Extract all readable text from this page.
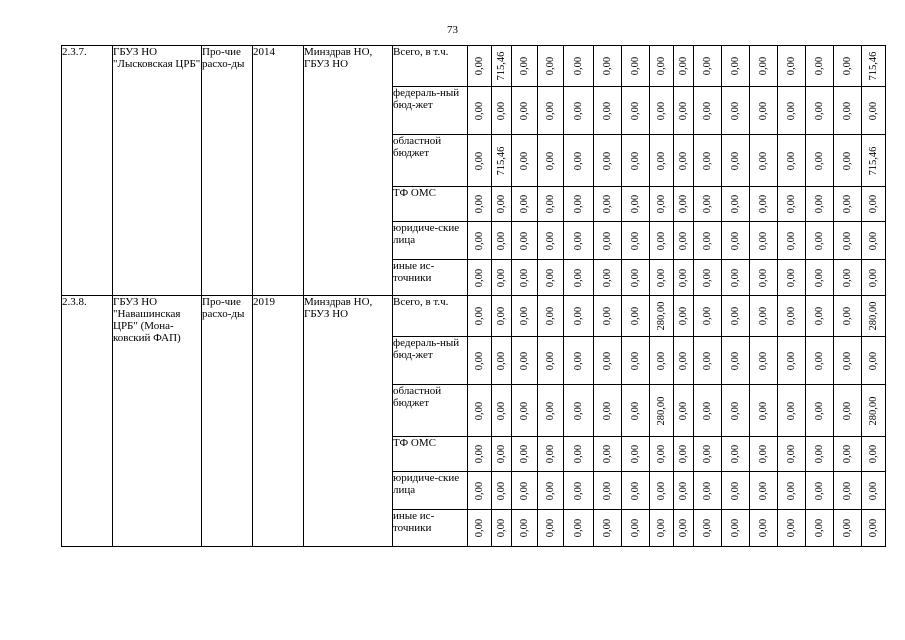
73
2.3.7.	ГБУЗ НО "Лысковская ЦРБ"	Про-чие расхо-ды	2014	Минздрав НО, ГБУЗ НО	Всего, в т.ч.	0,00	715,46	0,00	0,00	0,00	0,00	0,00	0,00	0,00	0,00	0,00	0,00	0,00	0,00	0,00	715,46

					федераль-ный бюд-жет	0,00	0,00	0,00	0,00	0,00	0,00	0,00	0,00	0,00	0,00	0,00	0,00	0,00	0,00	0,00	0,00

					областной бюджет	0,00	715,46	0,00	0,00	0,00	0,00	0,00	0,00	0,00	0,00	0,00	0,00	0,00	0,00	0,00	715,46

					ТФ ОМС	0,00	0,00	0,00	0,00	0,00	0,00	0,00	0,00	0,00	0,00	0,00	0,00	0,00	0,00	0,00	0,00

					юридиче-ские лица	0,00	0,00	0,00	0,00	0,00	0,00	0,00	0,00	0,00	0,00	0,00	0,00	0,00	0,00	0,00	0,00

					иные ис-точники	0,00	0,00	0,00	0,00	0,00	0,00	0,00	0,00	0,00	0,00	0,00	0,00	0,00	0,00	0,00	0,00

2.3.8.	ГБУЗ НО "Навашинская ЦРБ" (Мона-ковский ФАП)	Про-чие расхо-ды	2019	Минздрав НО, ГБУЗ НО	Всего, в т.ч.	0,00	0,00	0,00	0,00	0,00	0,00	0,00	280,00	0,00	0,00	0,00	0,00	0,00	0,00	0,00	280,00

					федераль-ный бюд-жет	0,00	0,00	0,00	0,00	0,00	0,00	0,00	0,00	0,00	0,00	0,00	0,00	0,00	0,00	0,00	0,00

					областной бюджет	0,00	0,00	0,00	0,00	0,00	0,00	0,00	280,00	0,00	0,00	0,00	0,00	0,00	0,00	0,00	280,00

					ТФ ОМС	0,00	0,00	0,00	0,00	0,00	0,00	0,00	0,00	0,00	0,00	0,00	0,00	0,00	0,00	0,00	0,00

					юридиче-ские лица	0,00	0,00	0,00	0,00	0,00	0,00	0,00	0,00	0,00	0,00	0,00	0,00	0,00	0,00	0,00	0,00

					иные ис-точники	0,00	0,00	0,00	0,00	0,00	0,00	0,00	0,00	0,00	0,00	0,00	0,00	0,00	0,00	0,00	0,00
